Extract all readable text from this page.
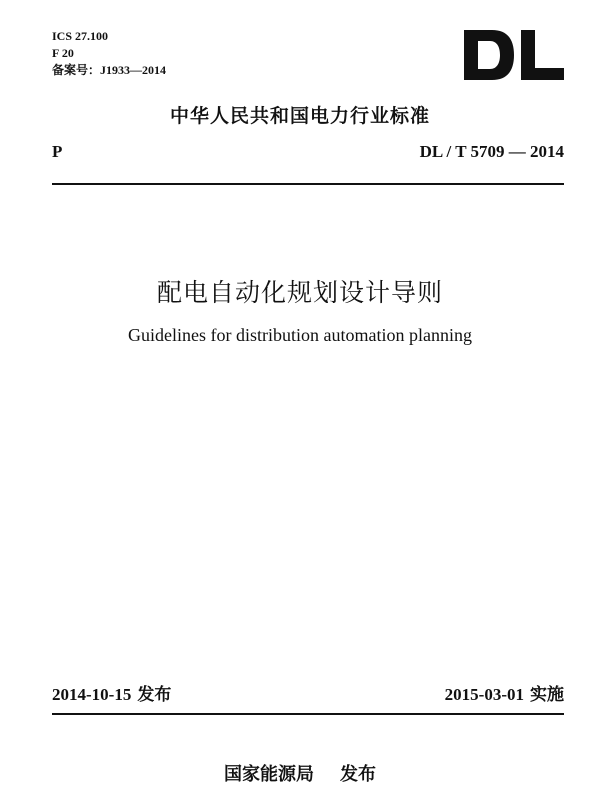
ICS 27.100
F 20
备案号：J1933—2014
中华人民共和国电力行业标准
P	DL / T 5709 — 2014
配电自动化规划设计导则
Guidelines for distribution automation planning
2014-10-15 发布	2015-03-01 实施
国家能源局 发布
